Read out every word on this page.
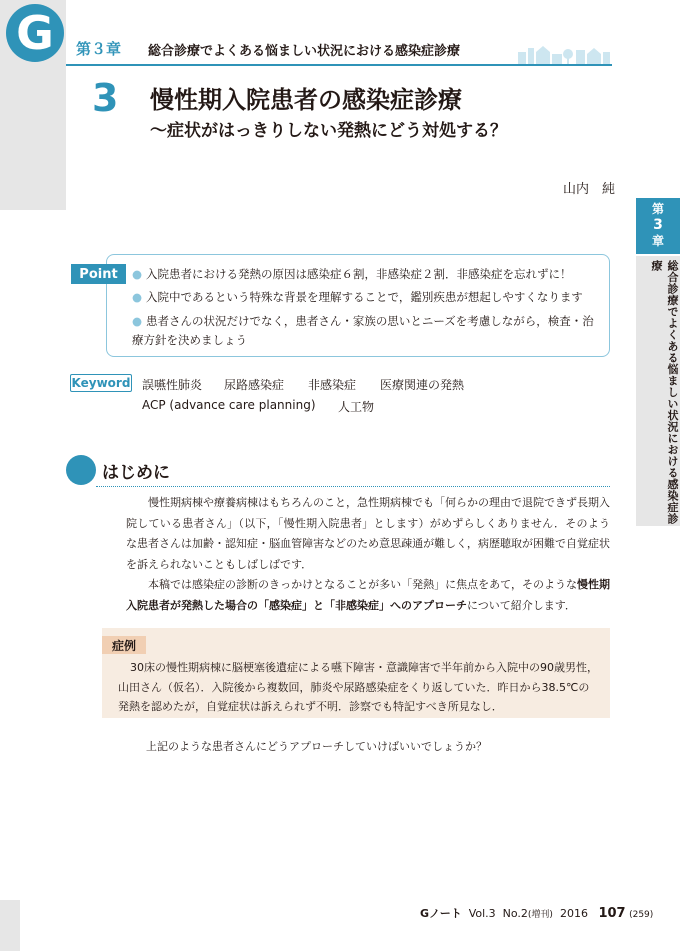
G	第３章 総合診療でよくある悩ましい状況における感染症診療
3 慢性期入院患者の感染症診療
～症状がはっきりしない発熱にどう対処する？
山内　純
第
3
章
総合診療でよくある悩ましい状況における感染症診療
Point	● 入院患者における発熱の原因は感染症６割，非感染症２割．非感染症を忘れずに！
● 入院中であるという特殊な背景を理解することで，鑑別疾患が想起しやすくなります
● 患者さんの状況だけでなく，患者さん・家族の思いとニーズを考慮しながら，検査・治療方針を決めましょう
Keyword 誤嚥性肺炎 尿路感染症 非感染症 医療関連の発熱
ACP (advance care planning) 人工物
はじめに
慢性期病棟や療養病棟はもちろんのこと，急性期病棟でも「何らかの理由で退院できず長期入院している患者さん」（以下，「慢性期入院患者」とします）がめずらしくありません．そのような患者さんは加齢・認知症・脳血管障害などのため意思疎通が難しく，病歴聴取が困難で自覚症状を訴えられないこともしばしばです．
本稿では感染症の診断のきっかけとなることが多い「発熱」に焦点をあて，そのような慢性期入院患者が発熱した場合の「感染症」と「非感染症」へのアプローチについて紹介します．
症例
30床の慢性期病棟に脳梗塞後遺症による嚥下障害・意識障害で半年前から入院中の90歳男性，山田さん（仮名）．入院後から複数回，肺炎や尿路感染症をくり返していた．昨日から38.5℃の発熱を認めたが，自覚症状は訴えられず不明．診察でも特記すべき所見なし．
上記のような患者さんにどうアプローチしていけばいいでしょうか？
Gノート Vol.3 No.2(増刊) 2016 107 (259)
